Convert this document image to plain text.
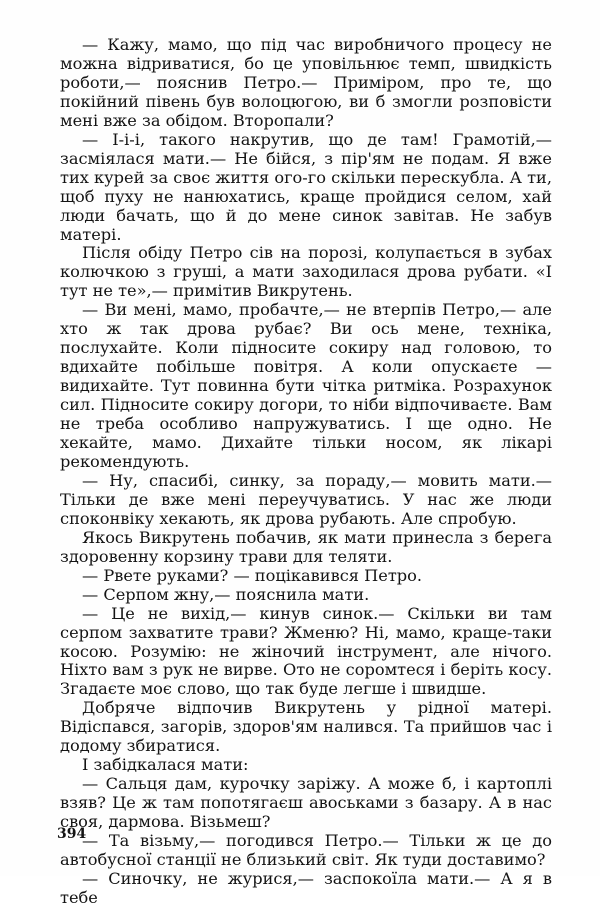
— Кажу, мамо, що під час виробничого процесу не можна відриватися, бо це уповільнює темп, швидкість роботи,— пояснив Петро.— Приміром, про те, що покійний півень був волоцюгою, ви б змогли розповісти мені вже за обідом. Второпали?

— І-і-і, такого накрутив, що де там! Грамотій,— засміялася мати.— Не бійся, з пір'ям не подам. Я вже тих курей за своє життя ого-го скільки перескубла. А ти, щоб пуху не нанюхатись, краще пройдися селом, хай люди бачать, що й до мене синок завітав. Не забув матері.

Після обіду Петро сів на порозі, колупається в зубах колючкою з груші, а мати заходилася дрова рубати. «І тут не те»,— примітив Викрутень.

— Ви мені, мамо, пробачте,— не втерпів Петро,— але хто ж так дрова рубає? Ви ось мене, техніка, послухайте. Коли підносите сокиру над головою, то вдихайте побільше повітря. А коли опускаєте — видихайте. Тут повинна бути чітка ритміка. Розрахунок сил. Підносите сокиру догори, то ніби відпочиваєте. Вам не треба особливо напружуватись. І ще одно. Не хекайте, мамо. Дихайте тільки носом, як лікарі рекомендують.

— Ну, спасибі, синку, за пораду,— мовить мати.— Тільки де вже мені переучуватись. У нас же люди споконвіку хекають, як дрова рубають. Але спробую.

Якось Викрутень побачив, як мати принесла з берега здоровенну корзину трави для теляти.

— Рвете руками? — поцікавився Петро.

— Серпом жну,— пояснила мати.

— Це не вихід,— кинув синок.— Скільки ви там серпом захватите трави? Жменю? Ні, мамо, краще-таки косою. Розумію: не жіночий інструмент, але нічого. Ніхто вам з рук не вирве. Ото не соромтеся і беріть косу. Згадаєте моє слово, що так буде легше і швидше.

Добряче відпочив Викрутень у рідної матері. Відіспався, загорів, здоров'ям налився. Та прийшов час і додому збиратися.

І забідкалася мати:

— Сальця дам, курочку заріжу. А може б, і картоплі взяв? Це ж там попотягаєш авоськами з базару. А в нас своя, дармова. Візьмеш?

— Та візьму,— погодився Петро.— Тільки ж це до автобусної станції не близький світ. Як туди доставимо?

— Синочку, не журися,— заспокоїла мати.— А я в тебе

394
